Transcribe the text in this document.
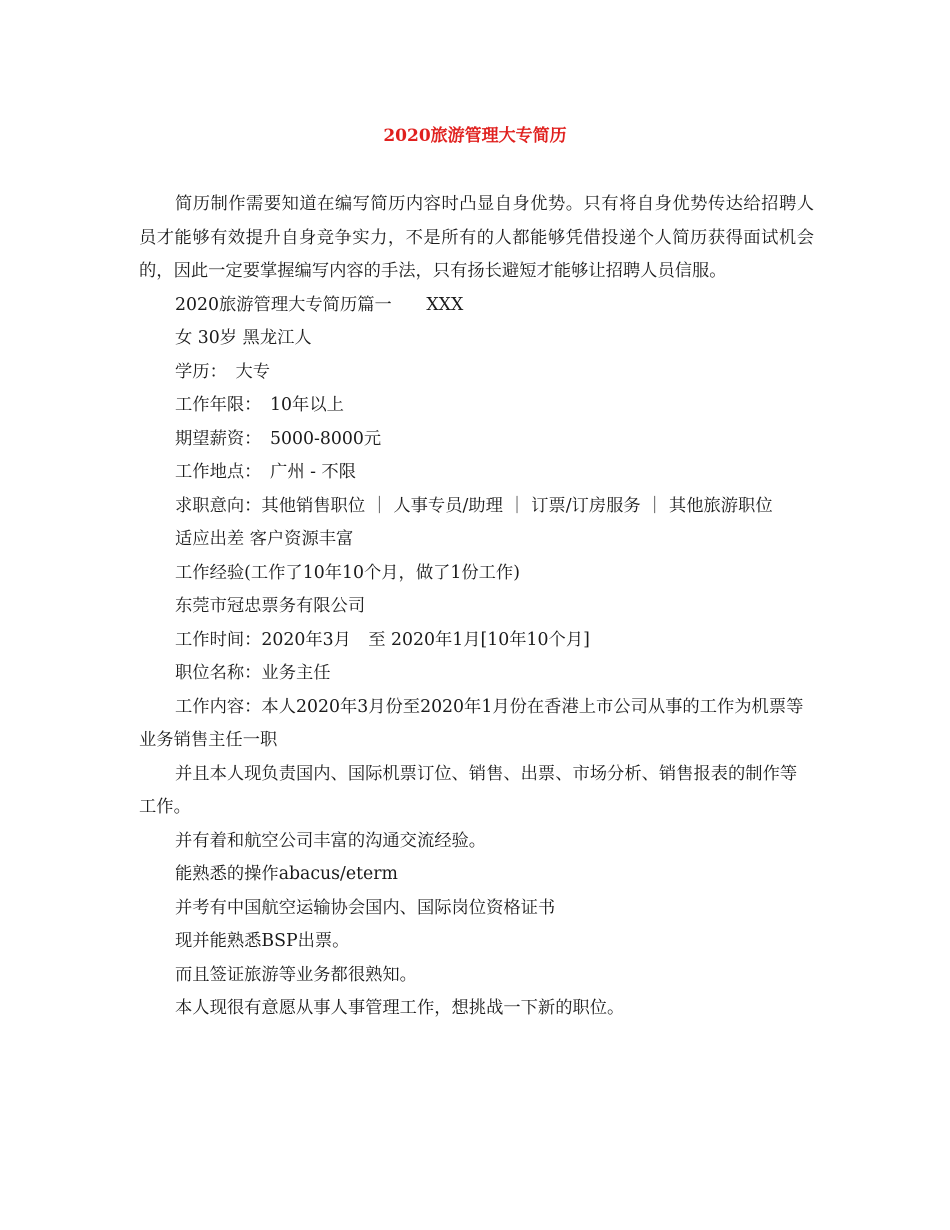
2020旅游管理大专简历

简历制作需要知道在编写简历内容时凸显自身优势。只有将自身优势传达给招聘人员才能够有效提升自身竞争实力，不是所有的人都能够凭借投递个人简历获得面试机会的，因此一定要掌握编写内容的手法，只有扬长避短才能够让招聘人员信服。

2020旅游管理大专简历篇一　　XXX

女 30岁 黑龙江人

学历：　大专

工作年限：　10年以上

期望薪资：　5000-8000元

工作地点：　广州 - 不限

求职意向：其他销售职位 ｜ 人事专员/助理 ｜ 订票/订房服务 ｜ 其他旅游职位

适应出差 客户资源丰富

工作经验(工作了10年10个月，做了1份工作)

东莞市冠忠票务有限公司

工作时间：2020年3月　至 2020年1月[10年10个月]

职位名称：业务主任

工作内容：本人2020年3月份至2020年1月份在香港上市公司从事的工作为机票等业务销售主任一职

并且本人现负责国内、国际机票订位、销售、出票、市场分析、销售报表的制作等工作。

并有着和航空公司丰富的沟通交流经验。

能熟悉的操作abacus/eterm

并考有中国航空运输协会国内、国际岗位资格证书

现并能熟悉BSP出票。

而且签证旅游等业务都很熟知。

本人现很有意愿从事人事管理工作，想挑战一下新的职位。
